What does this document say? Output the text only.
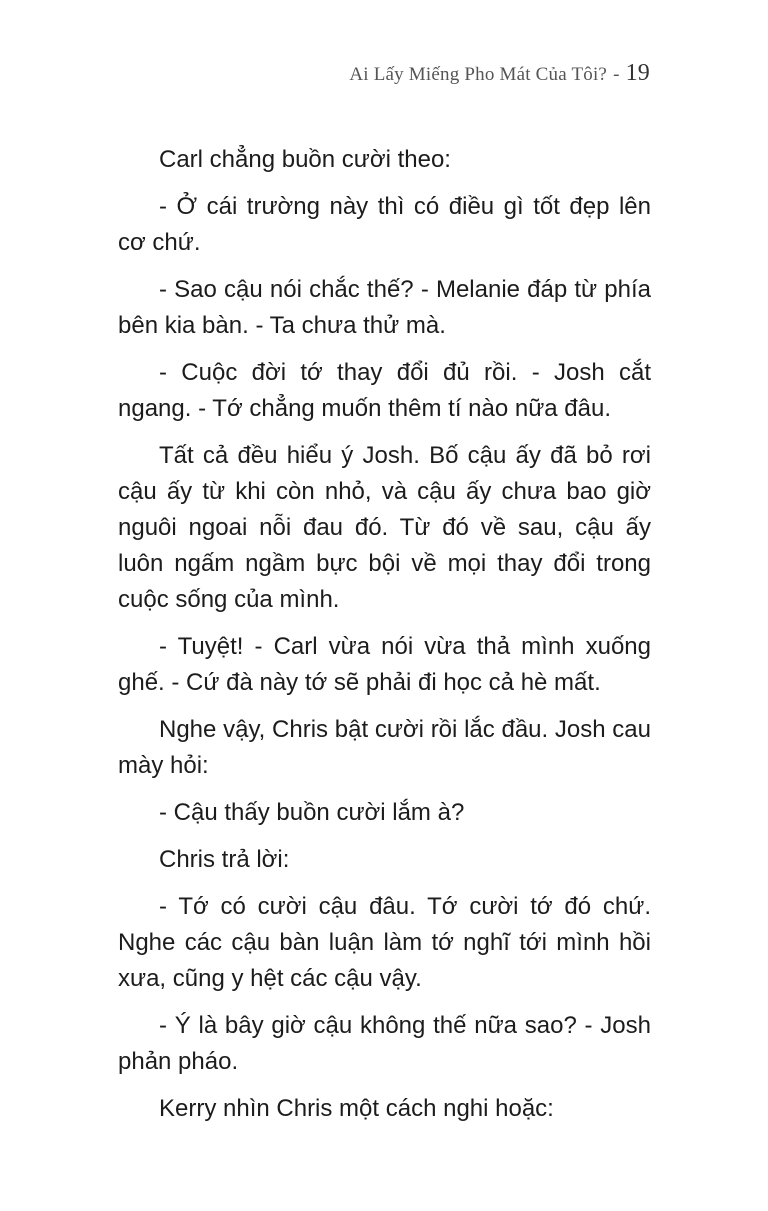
Ai Lấy Miếng Pho Mát Của Tôi? - 19

Carl chẳng buồn cười theo:

- Ở cái trường này thì có điều gì tốt đẹp lên cơ chứ.

- Sao cậu nói chắc thế? - Melanie đáp từ phía bên kia bàn. - Ta chưa thử mà.

- Cuộc đời tớ thay đổi đủ rồi. - Josh cắt ngang. - Tớ chẳng muốn thêm tí nào nữa đâu.

Tất cả đều hiểu ý Josh. Bố cậu ấy đã bỏ rơi cậu ấy từ khi còn nhỏ, và cậu ấy chưa bao giờ nguôi ngoai nỗi đau đó. Từ đó về sau, cậu ấy luôn ngấm ngầm bực bội về mọi thay đổi trong cuộc sống của mình.

- Tuyệt! - Carl vừa nói vừa thả mình xuống ghế. - Cứ đà này tớ sẽ phải đi học cả hè mất.

Nghe vậy, Chris bật cười rồi lắc đầu. Josh cau mày hỏi:

- Cậu thấy buồn cười lắm à?

Chris trả lời:

- Tớ có cười cậu đâu. Tớ cười tớ đó chứ. Nghe các cậu bàn luận làm tớ nghĩ tới mình hồi xưa, cũng y hệt các cậu vậy.

- Ý là bây giờ cậu không thế nữa sao? - Josh phản pháo.

Kerry nhìn Chris một cách nghi hoặc:
